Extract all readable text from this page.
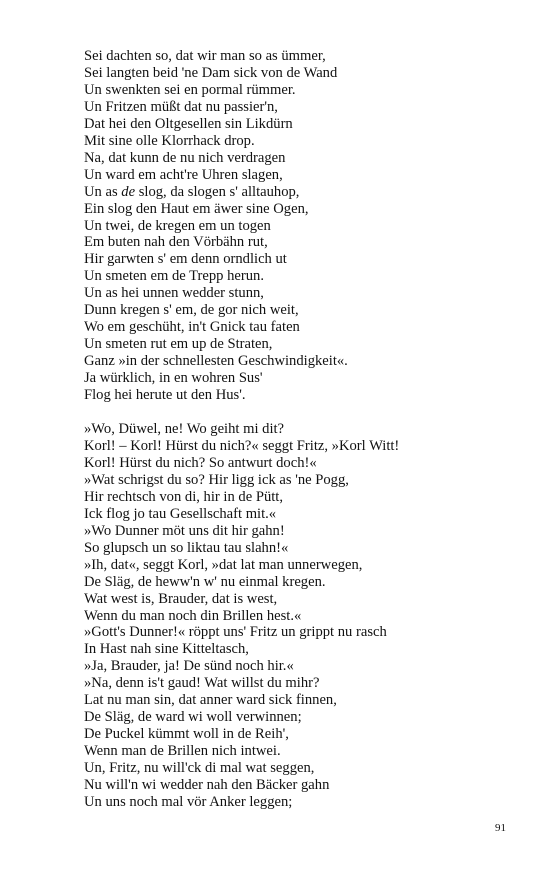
Sei dachten so, dat wir man so as ümmer,
Sei langten beid 'ne Dam sick von de Wand
Un swenkten sei en pormal rümmer.
Un Fritzen müßt dat nu passier'n,
Dat hei den Oltgesellen sin Likdürn
Mit sine olle Klorrhack drop.
Na, dat kunn de nu nich verdragen
Un ward em acht're Uhren slagen,
Un as de slog, da slogen s' alltauhop,
Ein slog den Haut em äwer sine Ogen,
Un twei, de kregen em un togen
Em buten nah den Vörbähn rut,
Hir garwten s' em denn orndlich ut
Un smeten em de Trepp herun.
Un as hei unnen wedder stunn,
Dunn kregen s' em, de gor nich weit,
Wo em geschüht, in't Gnick tau faten
Un smeten rut em up de Straten,
Ganz »in der schnellesten Geschwindigkeit«.
Ja würklich, in en wohren Sus'
Flog hei herute ut den Hus'.
»Wo, Düwel, ne! Wo geiht mi dit?
Korl! – Korl! Hürst du nich?« seggt Fritz, »Korl Witt!
Korl! Hürst du nich? So antwurt doch!«
»Wat schrigst du so? Hir ligg ick as 'ne Pogg,
Hir rechtsch von di, hir in de Pütt,
Ick flog jo tau Gesellschaft mit.«
»Wo Dunner möt uns dit hir gahn!
So glupsch un so liktau tau slahn!«
»Ih, dat«, seggt Korl, »dat lat man unnerwegen,
De Släg, de heww'n w' nu einmal kregen.
Wat west is, Brauder, dat is west,
Wenn du man noch din Brillen hest.«
»Gott's Dunner!« röppt uns' Fritz un grippt nu rasch
In Hast nah sine Kitteltasch,
»Ja, Brauder, ja! De sünd noch hir.«
»Na, denn is't gaud! Wat willst du mihr?
Lat nu man sin, dat anner ward sick finnen,
De Släg, de ward wi woll verwinnen;
De Puckel kümmt woll in de Reih',
Wenn man de Brillen nich intwei.
Un, Fritz, nu will'ck di mal wat seggen,
Nu will'n wi wedder nah den Bäcker gahn
Un uns noch mal vör Anker leggen;
91
